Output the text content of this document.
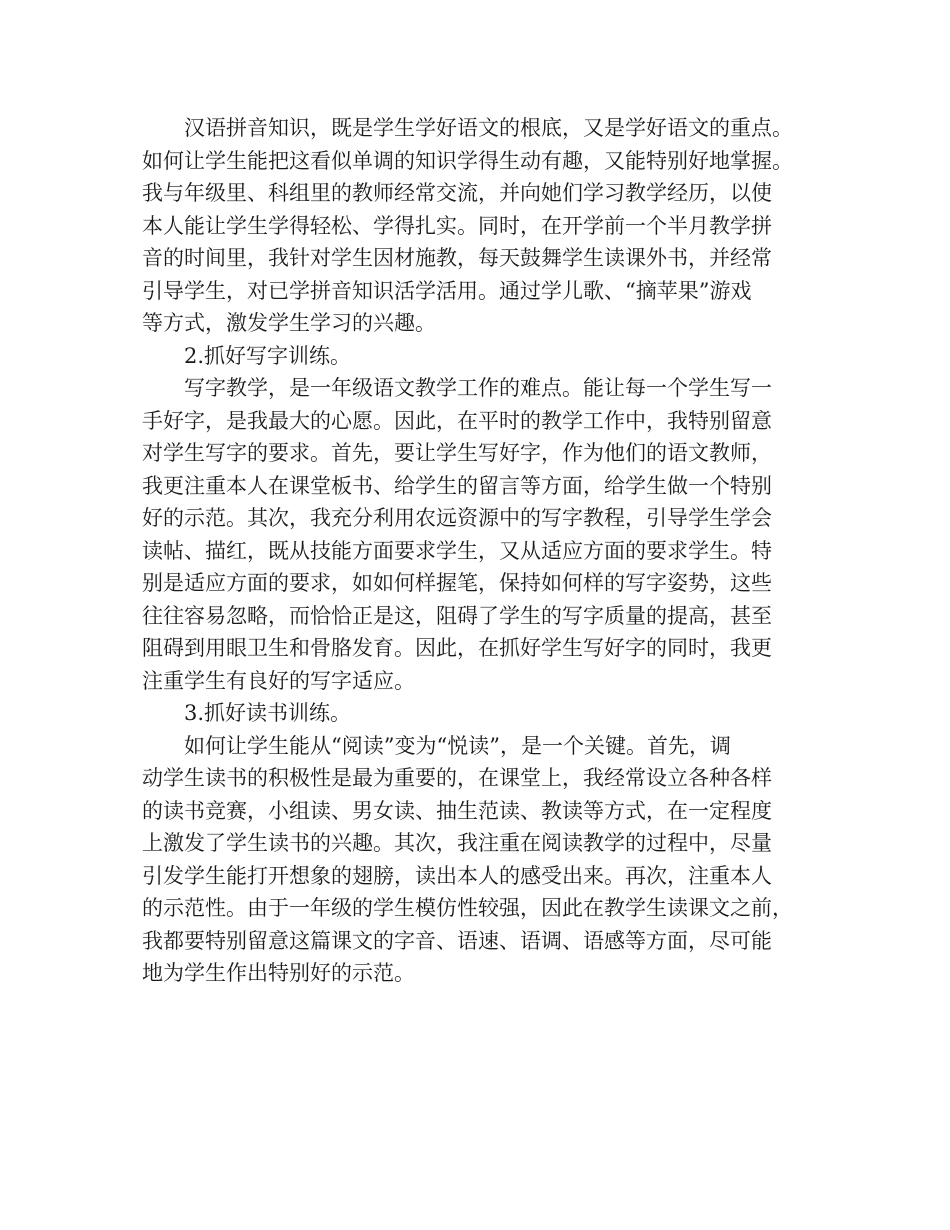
汉语拼音知识，既是学生学好语文的根底，又是学好语文的重点。

如何让学生能把这看似单调的知识学得生动有趣，又能特别好地掌握。

我与年级里、科组里的教师经常交流，并向她们学习教学经历，以使

本人能让学生学得轻松、学得扎实。同时，在开学前一个半月教学拼

音的时间里，我针对学生因材施教，每天鼓舞学生读课外书，并经常

引导学生，对已学拼音知识活学活用。通过学儿歌、“摘苹果”游戏

等方式，激发学生学习的兴趣。

2.抓好写字训练。

写字教学，是一年级语文教学工作的难点。能让每一个学生写一

手好字，是我最大的心愿。因此，在平时的教学工作中，我特别留意

对学生写字的要求。首先，要让学生写好字，作为他们的语文教师，

我更注重本人在课堂板书、给学生的留言等方面，给学生做一个特别

好的示范。其次，我充分利用农远资源中的写字教程，引导学生学会

读帖、描红，既从技能方面要求学生，又从适应方面的要求学生。特

别是适应方面的要求，如如何样握笔，保持如何样的写字姿势，这些

往往容易忽略，而恰恰正是这，阻碍了学生的写字质量的提高，甚至

阻碍到用眼卫生和骨胳发育。因此，在抓好学生写好字的同时，我更

注重学生有良好的写字适应。

3.抓好读书训练。

如何让学生能从“阅读”变为“悦读”，是一个关键。首先，调

动学生读书的积极性是最为重要的，在课堂上，我经常设立各种各样

的读书竞赛，小组读、男女读、抽生范读、教读等方式，在一定程度

上激发了学生读书的兴趣。其次，我注重在阅读教学的过程中，尽量

引发学生能打开想象的翅膀，读出本人的感受出来。再次，注重本人

的示范性。由于一年级的学生模仿性较强，因此在教学生读课文之前，

我都要特别留意这篇课文的字音、语速、语调、语感等方面，尽可能

地为学生作出特别好的示范。
